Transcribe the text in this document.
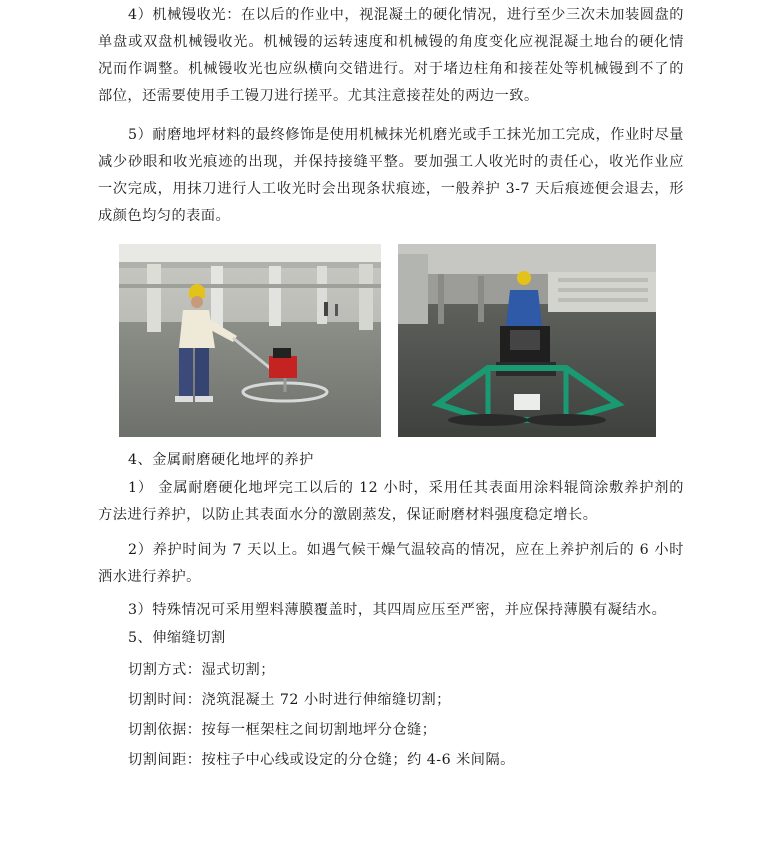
4）机械镘收光：在以后的作业中，视混凝土的硬化情况，进行至少三次未加装圆盘的单盘或双盘机械镘收光。机械镘的运转速度和机械镘的角度变化应视混凝土地台的硬化情况而作调整。机械镘收光也应纵横向交错进行。对于堵边柱角和接茬处等机械镘到不了的部位，还需要使用手工镘刀进行搓平。尤其注意接茬处的两边一致。

5）耐磨地坪材料的最终修饰是使用机械抹光机磨光或手工抹光加工完成，作业时尽量减少砂眼和收光痕迹的出现，并保持接缝平整。要加强工人收光时的责任心，收光作业应一次完成，用抹刀进行人工收光时会出现条状痕迹，一般养护 3-7 天后痕迹便会退去，形成颜色均匀的表面。

4、金属耐磨硬化地坪的养护

1） 金属耐磨硬化地坪完工以后的 12 小时，采用任其表面用涂料辊筒涂敷养护剂的方法进行养护，以防止其表面水分的激剧蒸发，保证耐磨材料强度稳定增长。

2）养护时间为 7 天以上。如遇气候干燥气温较高的情况，应在上养护剂后的 6 小时洒水进行养护。

3）特殊情况可采用塑料薄膜覆盖时，其四周应压至严密，并应保持薄膜有凝结水。

5、伸缩缝切割

切割方式：湿式切割；

切割时间：浇筑混凝土 72 小时进行伸缩缝切割；

切割依据：按每一框架柱之间切割地坪分仓缝；

切割间距：按柱子中心线或设定的分仓缝；约 4-6 米间隔。
